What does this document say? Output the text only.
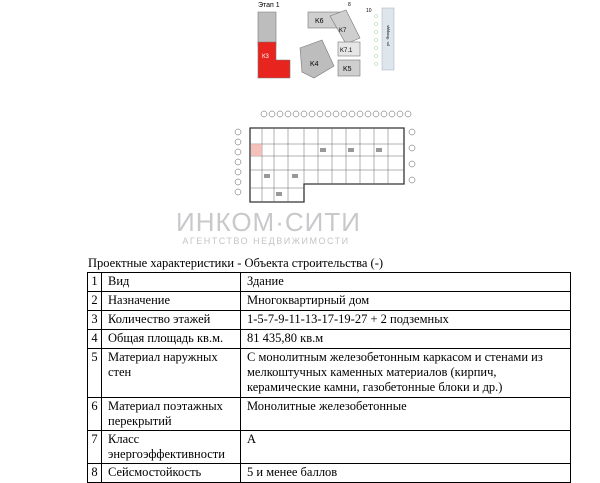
Этап 1
К3
K6
K7
K7.1
K4
K5
ул. Фиорда
8
10
ИНКОМ·СИТИ
АГЕНТСТВО НЕДВИЖИМОСТИ
Проектные характеристики - Объекта строительства (-)
1	Вид	Здание
2	Назначение	Многоквартирный дом
3	Количество этажей	1-5-7-9-11-13-17-19-27 + 2 подземных
4	Общая площадь кв.м.	81 435,80 кв.м
5	Материал наружных стен	С монолитным железобетонным каркасом и стенами из мелкоштучных каменных материалов (кирпич, керамические камни, газобетонные блоки и др.)
6	Материал поэтажных перекрытий	Монолитные железобетонные
7	Класс энергоэффективности	A
8	Сейсмостойкость	5 и менее баллов
